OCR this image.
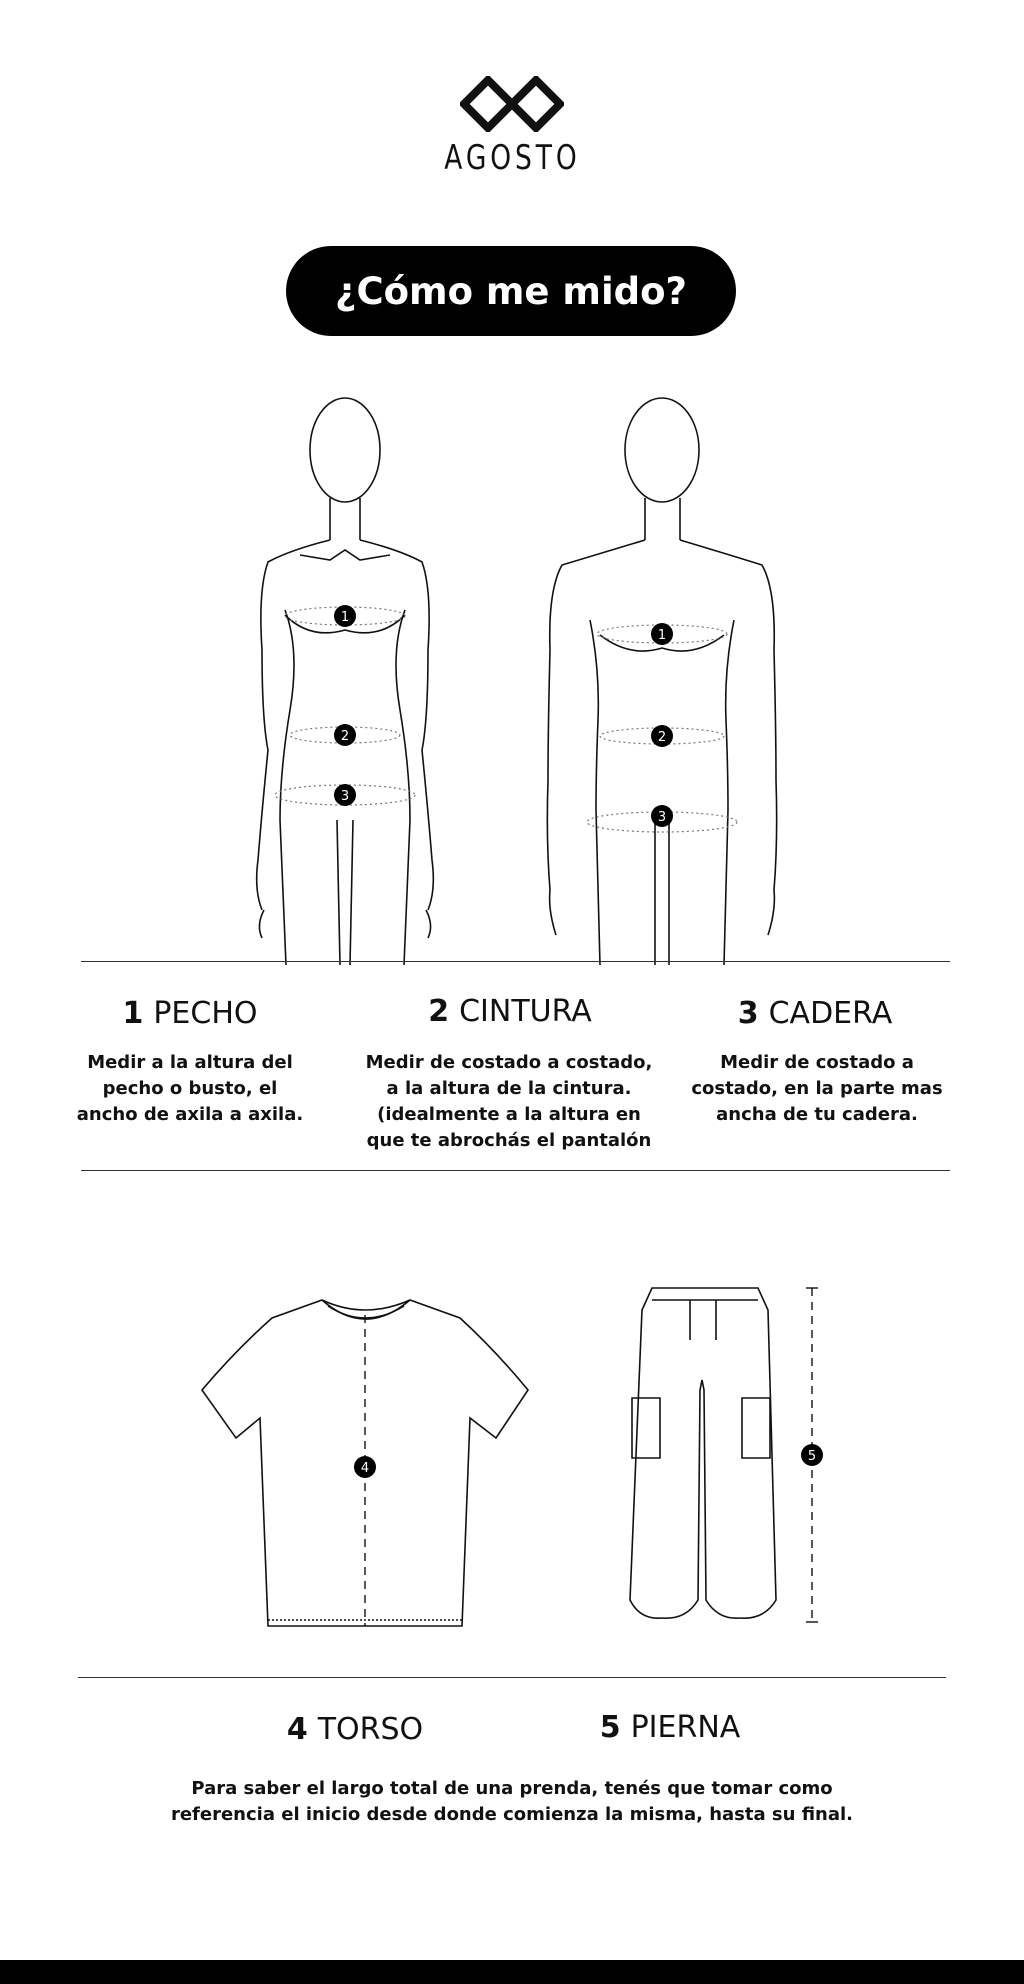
AGOSTO
¿Cómo me mido?
1
2
3
1
2
3
1 PECHO
Medir a la altura del pecho o busto, el ancho de axila a axila.
2 CINTURA
Medir de costado a costado, a la altura de la cintura. (idealmente a la altura en que te abrochás el pantalón
3 CADERA
Medir de costado a costado, en la parte mas ancha de tu cadera.
4
5
4 TORSO	5 PIERNA
Para saber el largo total de una prenda, tenés que tomar como referencia el inicio desde donde comienza la misma, hasta su final.
